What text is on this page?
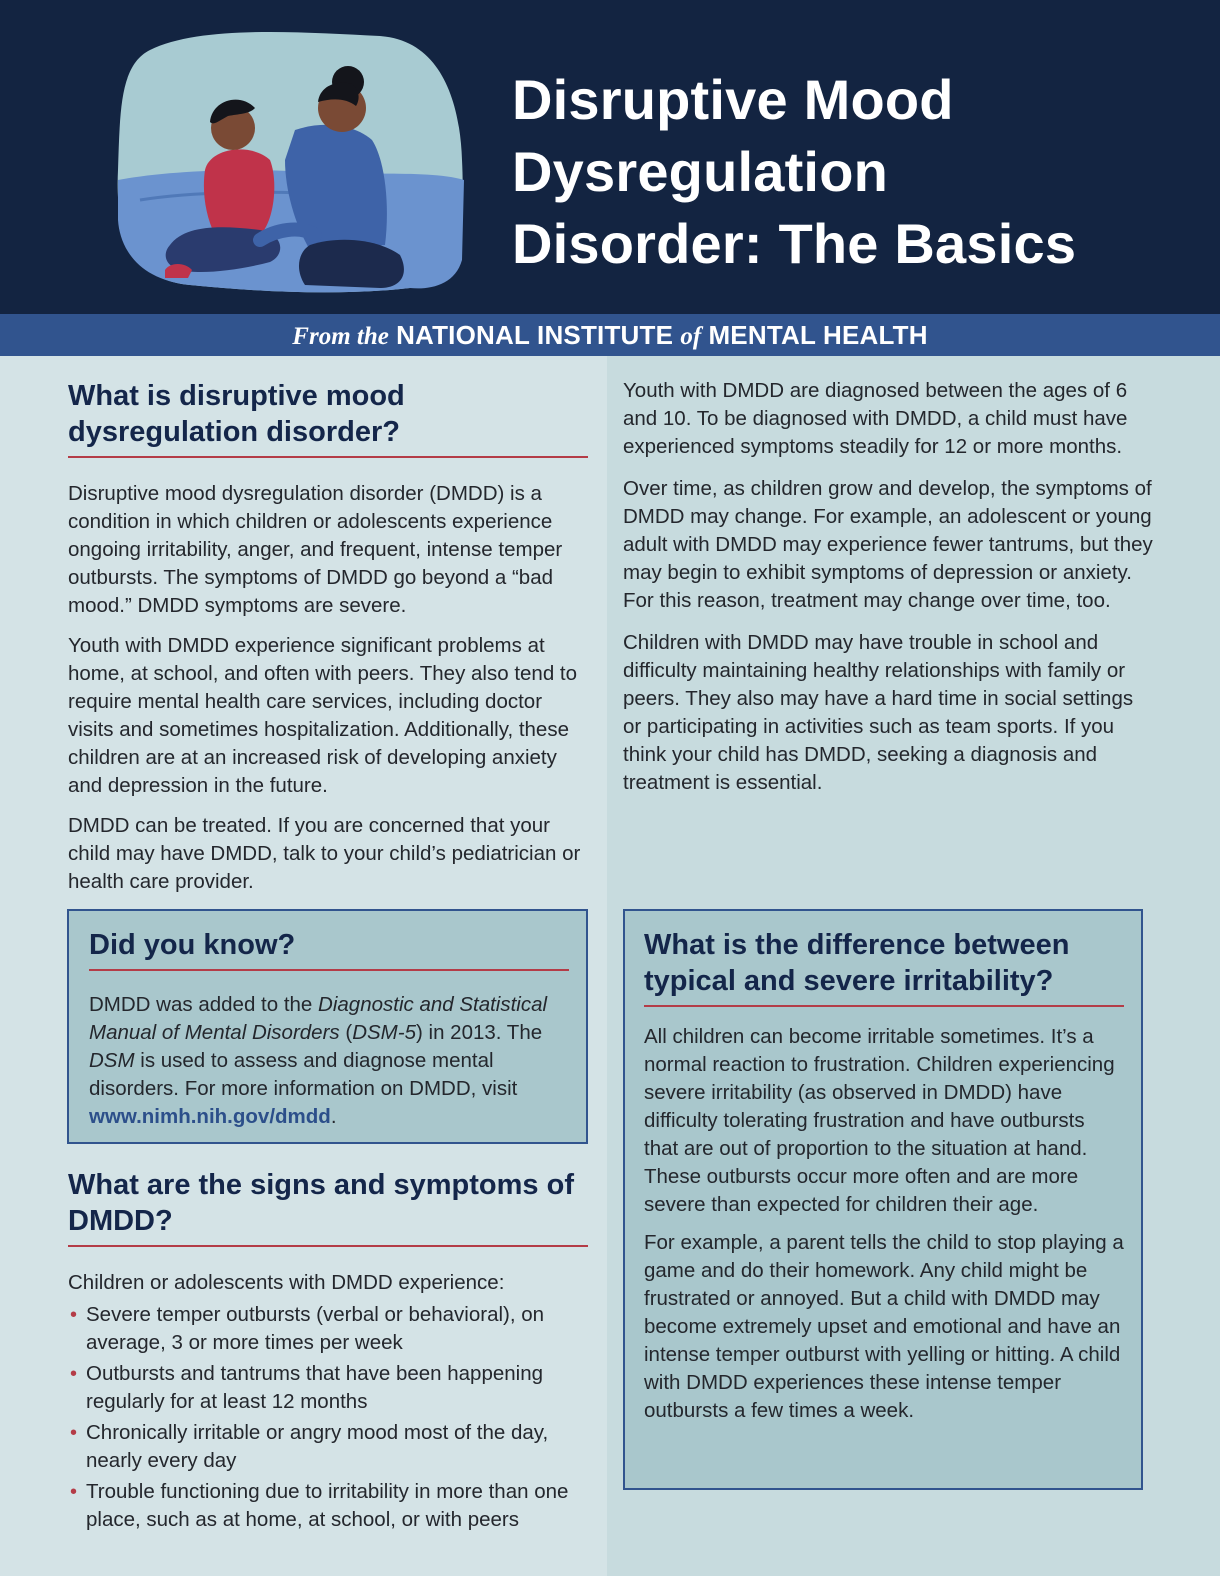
Disruptive Mood Dysregulation Disorder: The Basics
From the NATIONAL INSTITUTE of MENTAL HEALTH
What is disruptive mood dysregulation disorder?

Disruptive mood dysregulation disorder (DMDD) is a condition in which children or adolescents experience ongoing irritability, anger, and frequent, intense temper outbursts. The symptoms of DMDD go beyond a “bad mood.” DMDD symptoms are severe.

Youth with DMDD experience significant problems at home, at school, and often with peers. They also tend to require mental health care services, including doctor visits and sometimes hospitalization. Additionally, these children are at an increased risk of developing anxiety and depression in the future.

DMDD can be treated. If you are concerned that your child may have DMDD, talk to your child’s pediatrician or health care provider.

Did you know?

DMDD was added to the Diagnostic and Statistical Manual of Mental Disorders (DSM-5) in 2013. The DSM is used to assess and diagnose mental disorders. For more information on DMDD, visit www.nimh.nih.gov/dmdd.

What are the signs and symptoms of DMDD?

Children or adolescents with DMDD experience:

• Severe temper outbursts (verbal or behavioral), on average, 3 or more times per week
• Outbursts and tantrums that have been happening regularly for at least 12 months
• Chronically irritable or angry mood most of the day, nearly every day
• Trouble functioning due to irritability in more than one place, such as at home, at school, or with peers

Youth with DMDD are diagnosed between the ages of 6 and 10. To be diagnosed with DMDD, a child must have experienced symptoms steadily for 12 or more months.

Over time, as children grow and develop, the symptoms of DMDD may change. For example, an adolescent or young adult with DMDD may experience fewer tantrums, but they may begin to exhibit symptoms of depression or anxiety. For this reason, treatment may change over time, too.

Children with DMDD may have trouble in school and difficulty maintaining healthy relationships with family or peers. They also may have a hard time in social settings or participating in activities such as team sports. If you think your child has DMDD, seeking a diagnosis and treatment is essential.

What is the difference between typical and severe irritability?

All children can become irritable sometimes. It’s a normal reaction to frustration. Children experiencing severe irritability (as observed in DMDD) have difficulty tolerating frustration and have outbursts that are out of proportion to the situation at hand. These outbursts occur more often and are more severe than expected for children their age.

For example, a parent tells the child to stop playing a game and do their homework. Any child might be frustrated or annoyed. But a child with DMDD may become extremely upset and emotional and have an intense temper outburst with yelling or hitting. A child with DMDD experiences these intense temper outbursts a few times a week.
